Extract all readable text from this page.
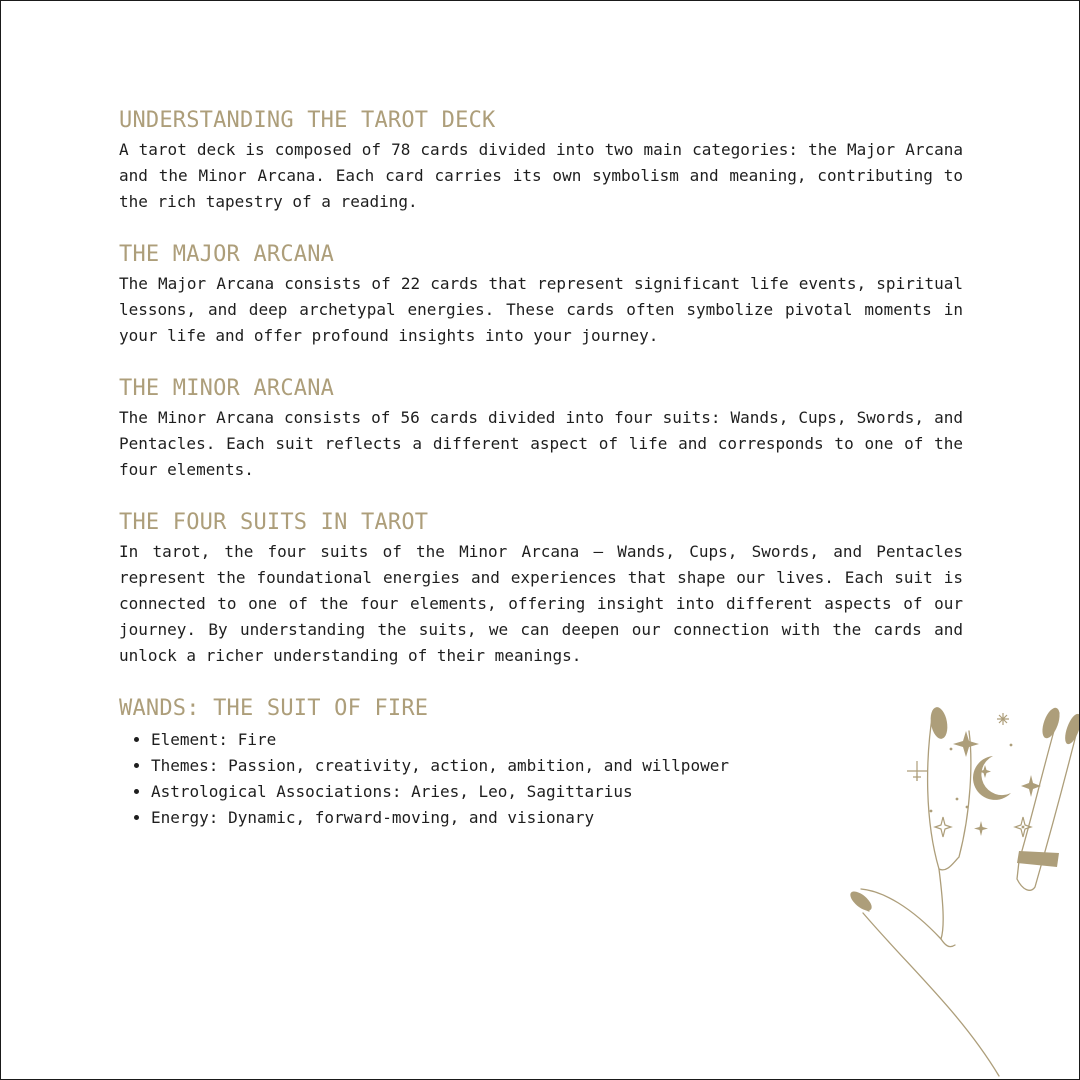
UNDERSTANDING THE TAROT DECK

A tarot deck is composed of 78 cards divided into two main categories: the Major Arcana and the Minor Arcana. Each card carries its own symbolism and meaning, contributing to the rich tapestry of a reading.

THE MAJOR ARCANA

The Major Arcana consists of 22 cards that represent significant life events, spiritual lessons, and deep archetypal energies. These cards often symbolize pivotal moments in your life and offer profound insights into your journey.

THE MINOR ARCANA

The Minor Arcana consists of 56 cards divided into four suits: Wands, Cups, Swords, and Pentacles. Each suit reflects a different aspect of life and corresponds to one of the four elements.

THE FOUR SUITS IN TAROT

In tarot, the four suits of the Minor Arcana — Wands, Cups, Swords, and Pentacles represent the foundational energies and experiences that shape our lives. Each suit is connected to one of the four elements, offering insight into different aspects of our journey. By understanding the suits, we can deepen our connection with the cards and unlock a richer understanding of their meanings.

WANDS: THE SUIT OF FIRE
• Element: Fire
• Themes: Passion, creativity, action, ambition, and willpower
• Astrological Associations: Aries, Leo, Sagittarius
• Energy: Dynamic, forward-moving, and visionary
